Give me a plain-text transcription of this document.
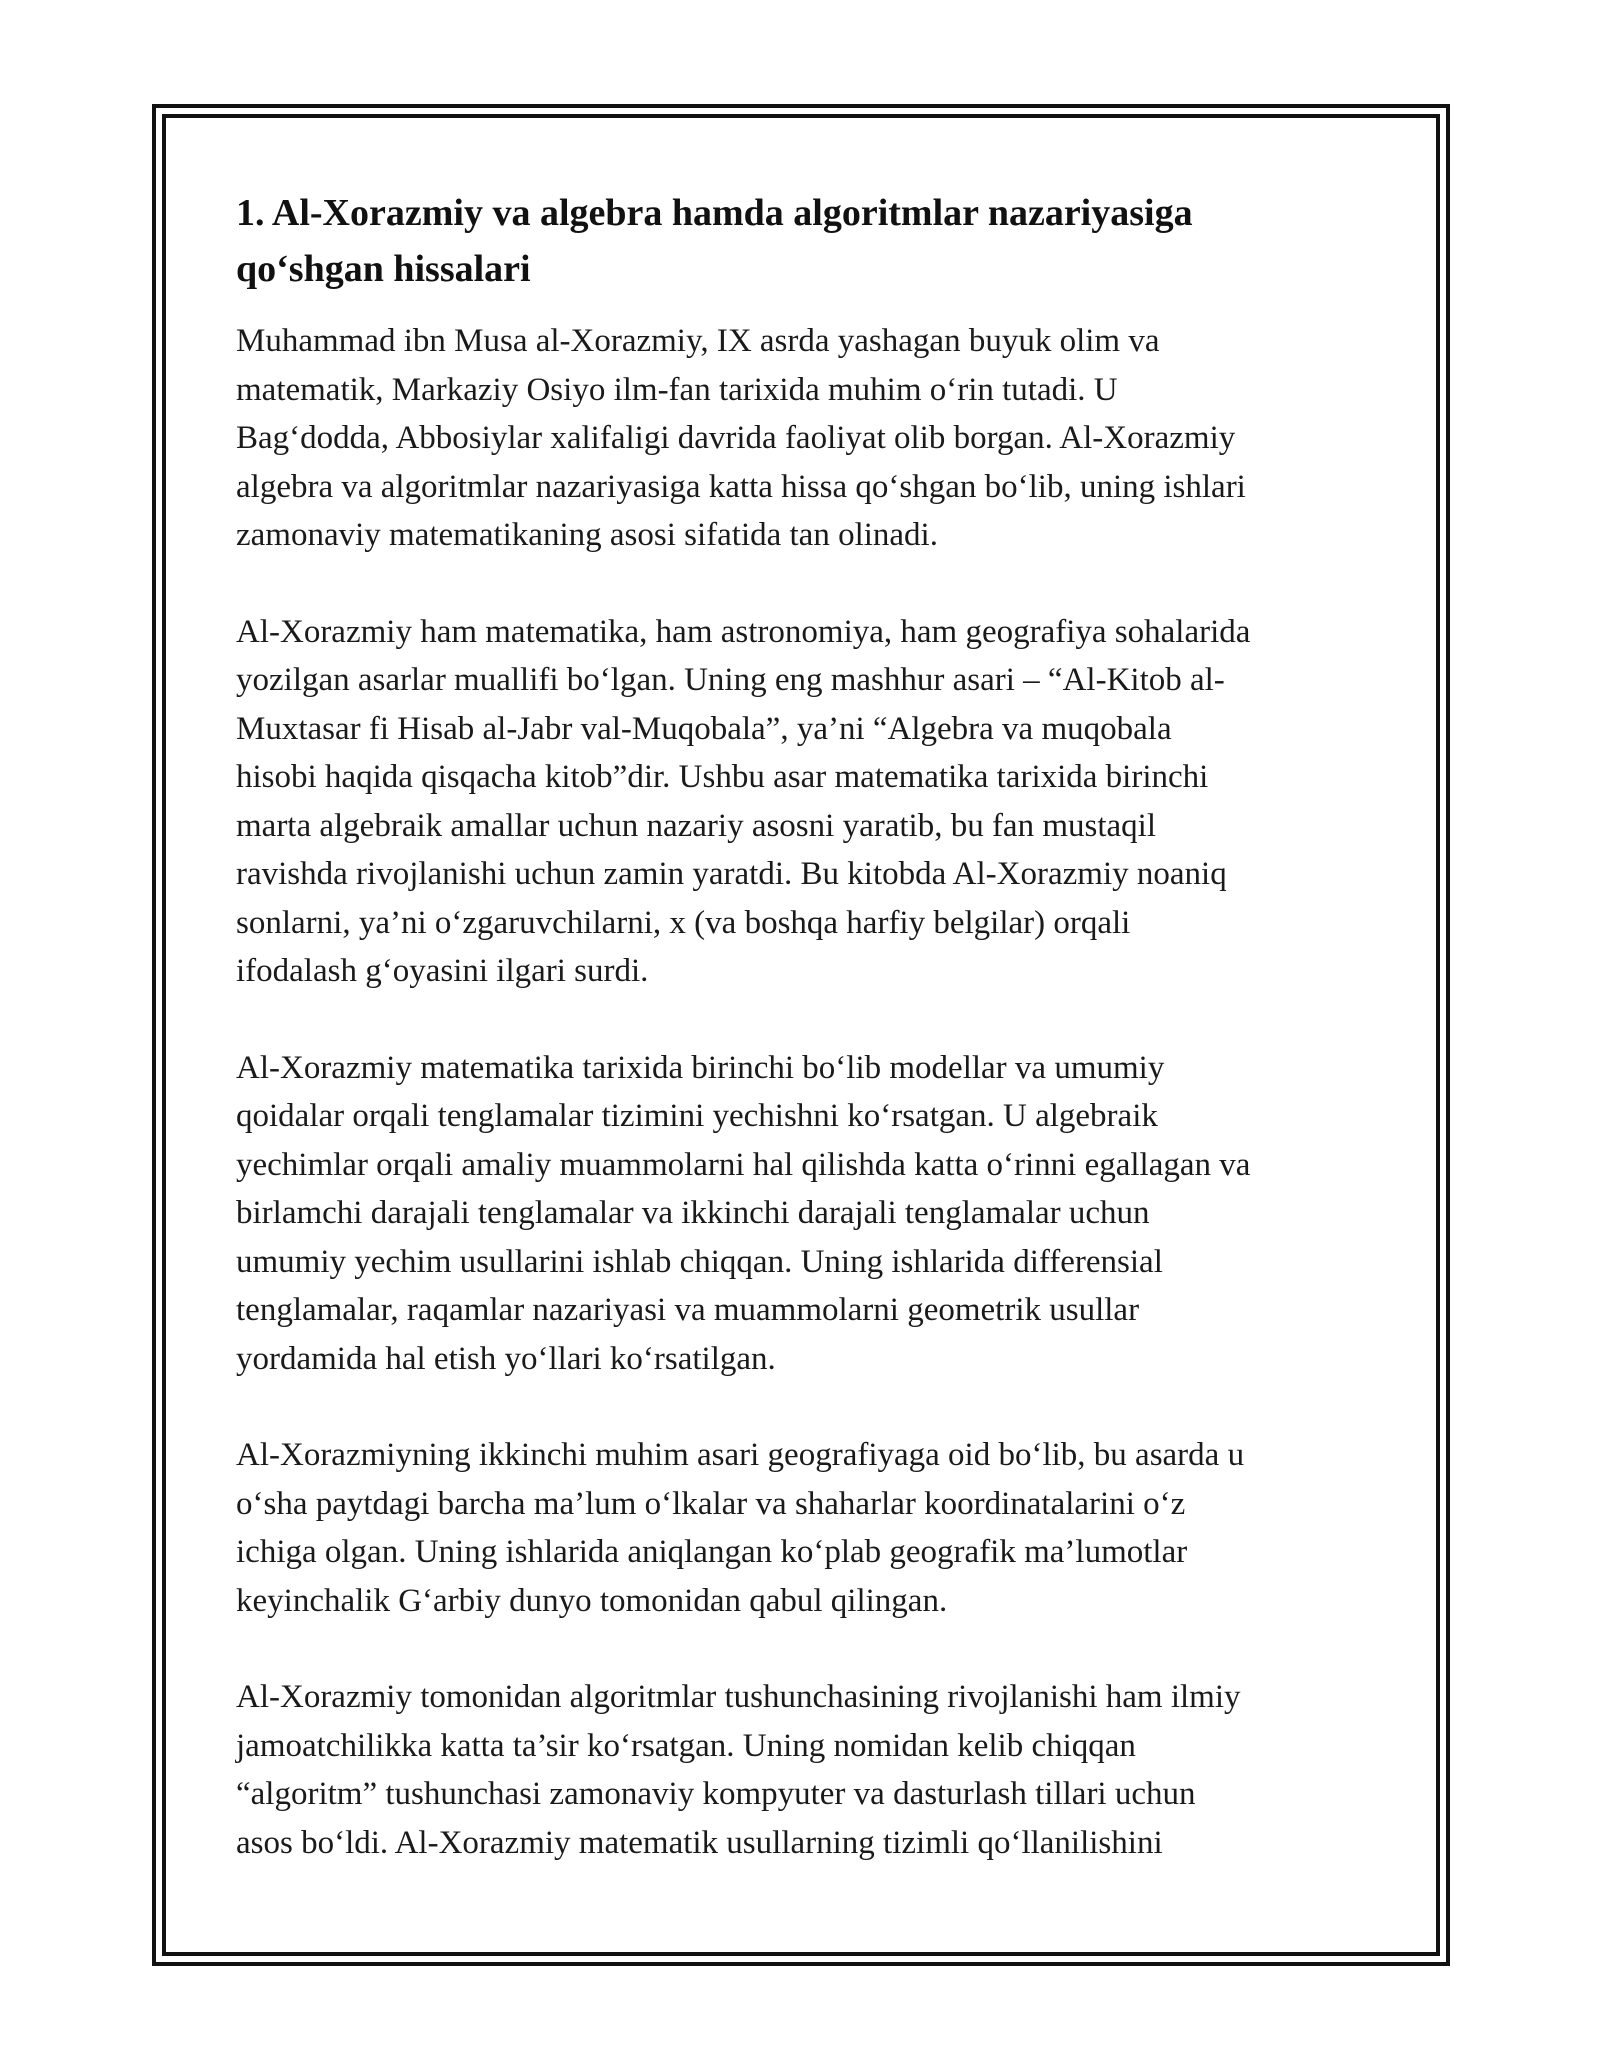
1. Al-Xorazmiy va algebra hamda algoritmlar nazariyasiga
qo‘shgan hissalari

Muhammad ibn Musa al-Xorazmiy, IX asrda yashagan buyuk olim va
matematik, Markaziy Osiyo ilm-fan tarixida muhim o‘rin tutadi. U
Bag‘dodda, Abbosiylar xalifaligi davrida faoliyat olib borgan. Al-Xorazmiy
algebra va algoritmlar nazariyasiga katta hissa qo‘shgan bo‘lib, uning ishlari
zamonaviy matematikaning asosi sifatida tan olinadi.

Al-Xorazmiy ham matematika, ham astronomiya, ham geografiya sohalarida
yozilgan asarlar muallifi bo‘lgan. Uning eng mashhur asari – “Al-Kitob al-
Muxtasar fi Hisab al-Jabr val-Muqobala”, ya’ni “Algebra va muqobala
hisobi haqida qisqacha kitob”dir. Ushbu asar matematika tarixida birinchi
marta algebraik amallar uchun nazariy asosni yaratib, bu fan mustaqil
ravishda rivojlanishi uchun zamin yaratdi. Bu kitobda Al-Xorazmiy noaniq
sonlarni, ya’ni o‘zgaruvchilarni, x (va boshqa harfiy belgilar) orqali
ifodalash g‘oyasini ilgari surdi.

Al-Xorazmiy matematika tarixida birinchi bo‘lib modellar va umumiy
qoidalar orqali tenglamalar tizimini yechishni ko‘rsatgan. U algebraik
yechimlar orqali amaliy muammolarni hal qilishda katta o‘rinni egallagan va
birlamchi darajali tenglamalar va ikkinchi darajali tenglamalar uchun
umumiy yechim usullarini ishlab chiqqan. Uning ishlarida differensial
tenglamalar, raqamlar nazariyasi va muammolarni geometrik usullar
yordamida hal etish yo‘llari ko‘rsatilgan.

Al-Xorazmiyning ikkinchi muhim asari geografiyaga oid bo‘lib, bu asarda u
o‘sha paytdagi barcha ma’lum o‘lkalar va shaharlar koordinatalarini o‘z
ichiga olgan. Uning ishlarida aniqlangan ko‘plab geografik ma’lumotlar
keyinchalik G‘arbiy dunyo tomonidan qabul qilingan.

Al-Xorazmiy tomonidan algoritmlar tushunchasining rivojlanishi ham ilmiy
jamoatchilikka katta ta’sir ko‘rsatgan. Uning nomidan kelib chiqqan
“algoritm” tushunchasi zamonaviy kompyuter va dasturlash tillari uchun
asos bo‘ldi. Al-Xorazmiy matematik usullarning tizimli qo‘llanilishini
